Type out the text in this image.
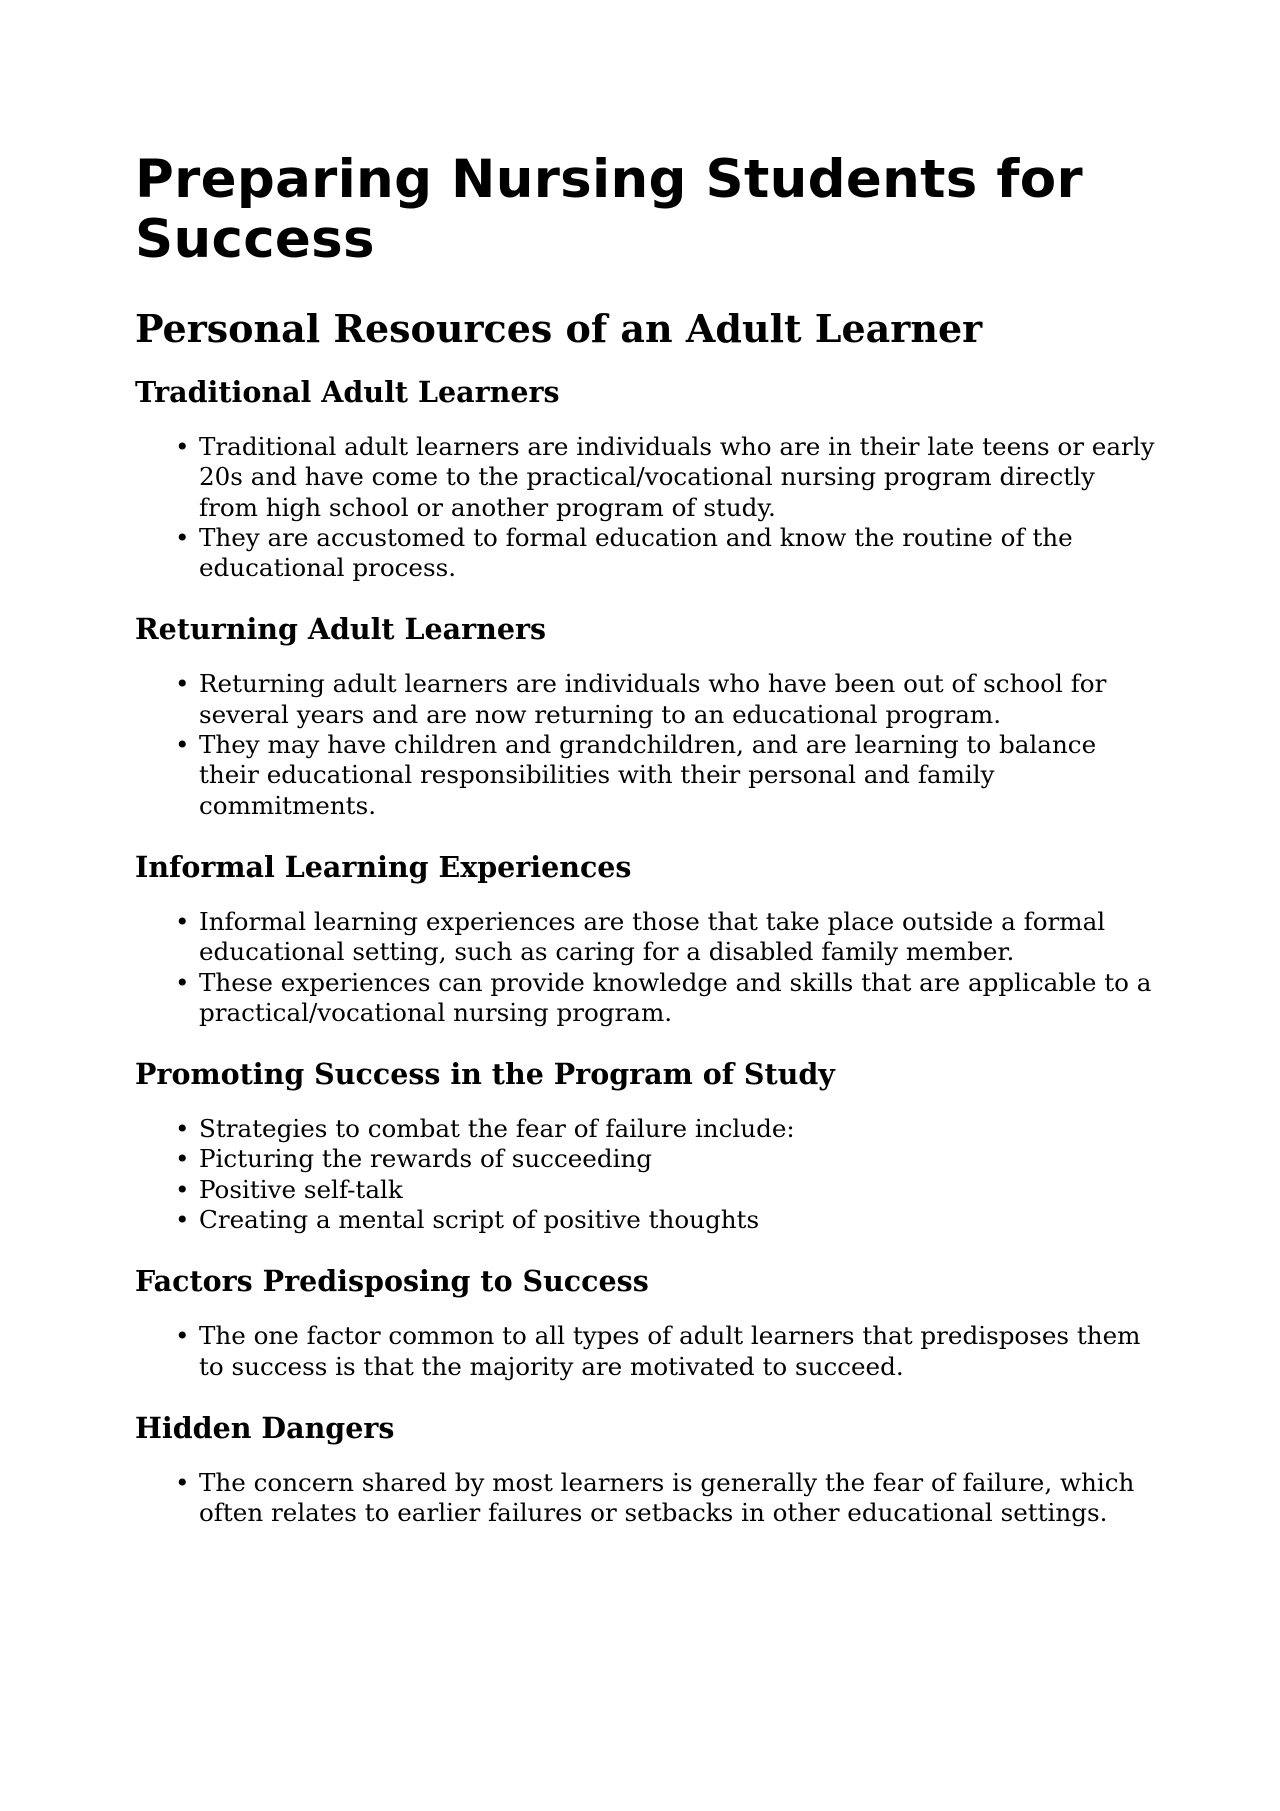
Preparing Nursing Students for Success
Personal Resources of an Adult Learner
Traditional Adult Learners
• Traditional adult learners are individuals who are in their late teens or early 20s and have come to the practical/vocational nursing program directly from high school or another program of study.
• They are accustomed to formal education and know the routine of the educational process.
Returning Adult Learners
• Returning adult learners are individuals who have been out of school for several years and are now returning to an educational program.
• They may have children and grandchildren, and are learning to balance their educational responsibilities with their personal and family commitments.
Informal Learning Experiences
• Informal learning experiences are those that take place outside a formal educational setting, such as caring for a disabled family member.
• These experiences can provide knowledge and skills that are applicable to a practical/vocational nursing program.
Promoting Success in the Program of Study
• Strategies to combat the fear of failure include:
• Picturing the rewards of succeeding
• Positive self-talk
• Creating a mental script of positive thoughts
Factors Predisposing to Success
• The one factor common to all types of adult learners that predisposes them to success is that the majority are motivated to succeed.
Hidden Dangers
• The concern shared by most learners is generally the fear of failure, which often relates to earlier failures or setbacks in other educational settings.
